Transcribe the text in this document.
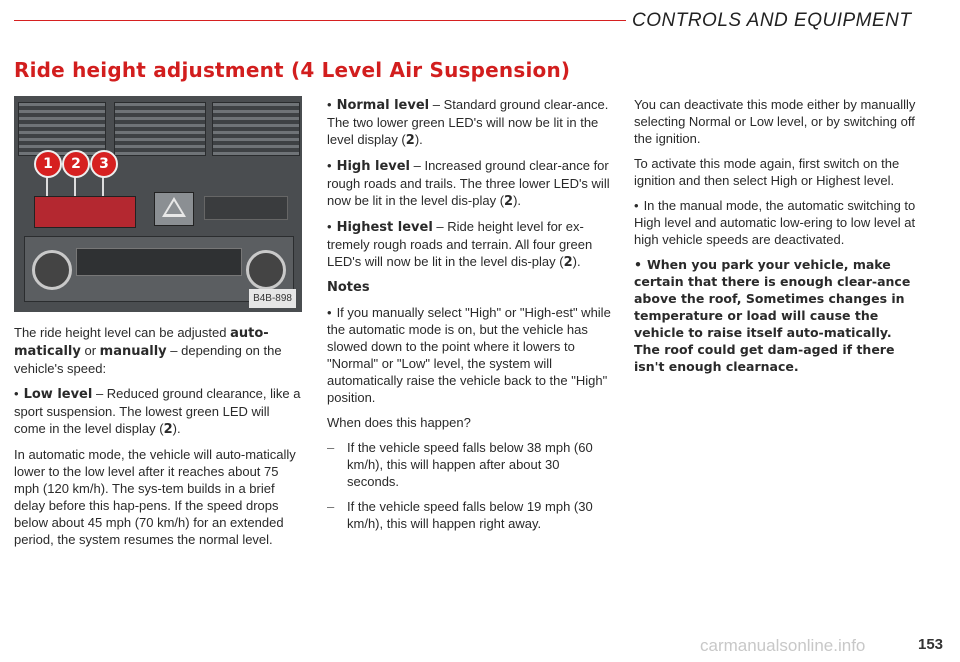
CONTROLS AND EQUIPMENT
Ride height adjustment (4 Level Air Suspension)
1	2	3
B4B-898

The ride height level can be adjusted auto-matically or manually – depending on the vehicle's speed:

• Low level – Reduced ground clearance, like a sport suspension. The lowest green LED will come in the level display (2).

In automatic mode, the vehicle will auto-matically lower to the low level after it reaches about 75 mph (120 km/h). The sys-tem builds in a brief delay before this hap-pens. If the speed drops below about 45 mph (70 km/h) for an extended period, the system resumes the normal level.

• Normal level – Standard ground clear-ance. The two lower green LED's will now be lit in the level display (2).

• High level – Increased ground clear-ance for rough roads and trails. The three lower LED's will now be lit in the level dis-play (2).

• Highest level – Ride height level for ex-tremely rough roads and terrain. All four green LED's will now be lit in the level dis-play (2).

Notes

• If you manually select "High" or "High-est" while the automatic mode is on, but the vehicle has slowed down to the point where it lowers to "Normal" or "Low" level, the system will automatically raise the vehicle back to the "High" position.

When does this happen?

– If the vehicle speed falls below 38 mph (60 km/h), this will happen after about 30 seconds.

– If the vehicle speed falls below 19 mph (30 km/h), this will happen right away.

You can deactivate this mode either by manuallly selecting Normal or Low level, or by switching off the ignition.

To activate this mode again, first switch on the ignition and then select High or Highest level.

• In the manual mode, the automatic switching to High level and automatic low-ering to low level at high vehicle speeds are deactivated.

• When you park your vehicle, make certain that there is enough clear-ance above the roof, Sometimes changes in temperature or load will cause the vehicle to raise itself auto-matically. The roof could get dam-aged if there isn't enough clearnace.

carmanualsonline.info	153
